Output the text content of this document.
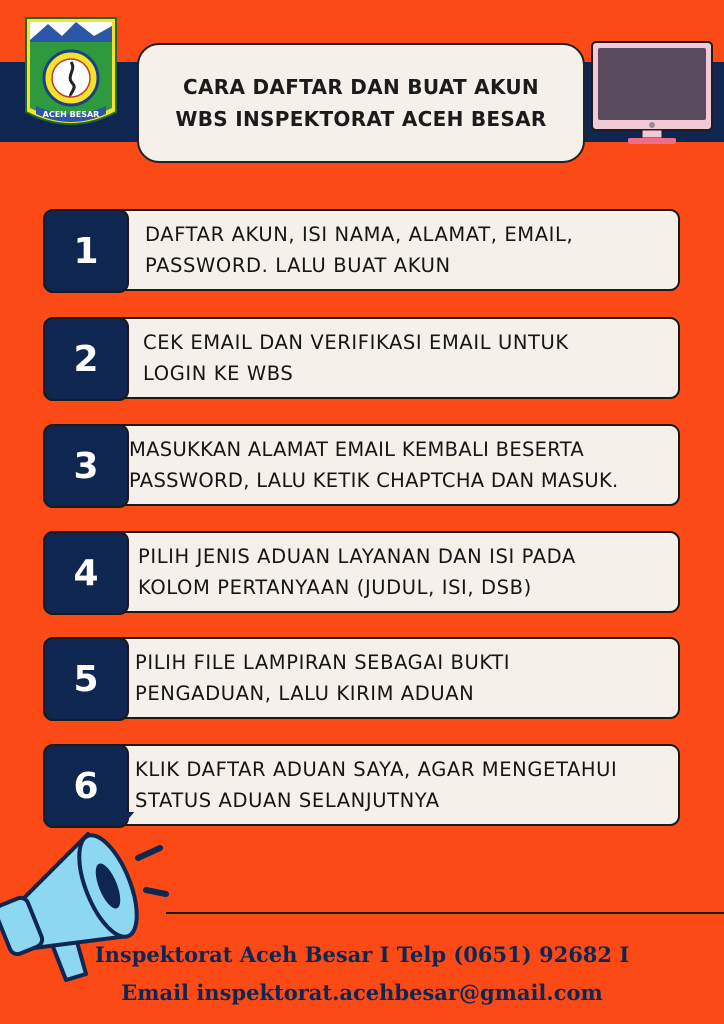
ACEH BESAR
CARA DAFTAR DAN BUAT AKUN
WBS INSPEKTORAT ACEH BESAR
DAFTAR AKUN, ISI NAMA, ALAMAT, EMAIL,
PASSWORD. LALU BUAT AKUN
1
CEK EMAIL DAN VERIFIKASI EMAIL UNTUK
LOGIN KE WBS
2
MASUKKAN ALAMAT EMAIL KEMBALI BESERTA
PASSWORD, LALU KETIK CHAPTCHA DAN MASUK.
3
PILIH JENIS ADUAN LAYANAN DAN ISI PADA
KOLOM PERTANYAAN (JUDUL, ISI, DSB)
4
PILIH FILE LAMPIRAN SEBAGAI BUKTI
PENGADUAN, LALU KIRIM ADUAN
5
KLIK DAFTAR ADUAN SAYA, AGAR MENGETAHUI
STATUS ADUAN SELANJUTNYA
6
Inspektorat Aceh Besar I Telp (0651) 92682 I
Email inspektorat.acehbesar@gmail.com
